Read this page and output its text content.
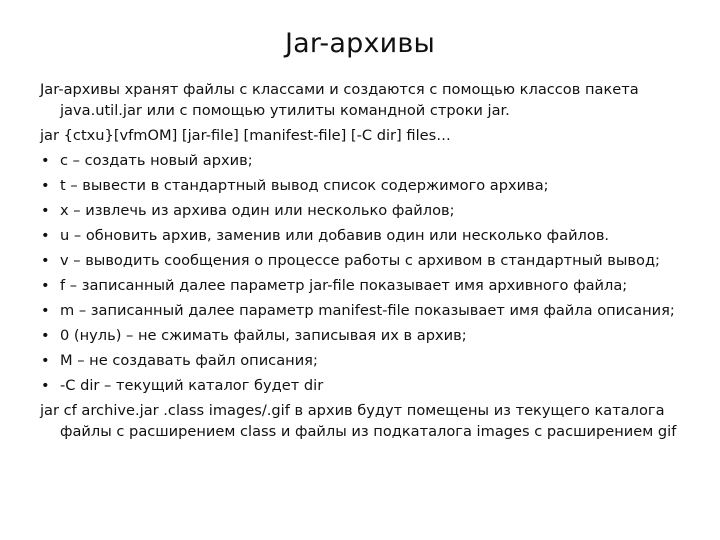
Jar-архивы

Jar-архивы хранят файлы с классами и создаются с помощью классов пакета java.util.jar или с помощью утилиты командной строки jar.

jar {ctxu}[vfmOM] [jar-file] [manifest-file] [-C dir] files…

• c – создать новый архив;
• t – вывести в стандартный вывод список содержимого архива;
• x – извлечь из архива один или несколько файлов;
• u – обновить архив, заменив или добавив один или несколько файлов.
• v – выводить сообщения о процессе работы с архивом в стандартный вывод;
• f – записанный далее параметр jar-file показывает имя архивного файла;
• m – записанный далее параметр manifest-file показывает имя файла описания;
• 0 (нуль) – не сжимать файлы, записывая их в архив;
• M – не создавать файл описания;
• -C dir – текущий каталог будет dir

jar cf archive.jar .class images/.gif в архив будут помещены из текущего каталога файлы с расширением class и файлы из подкаталога images с расширением gif
